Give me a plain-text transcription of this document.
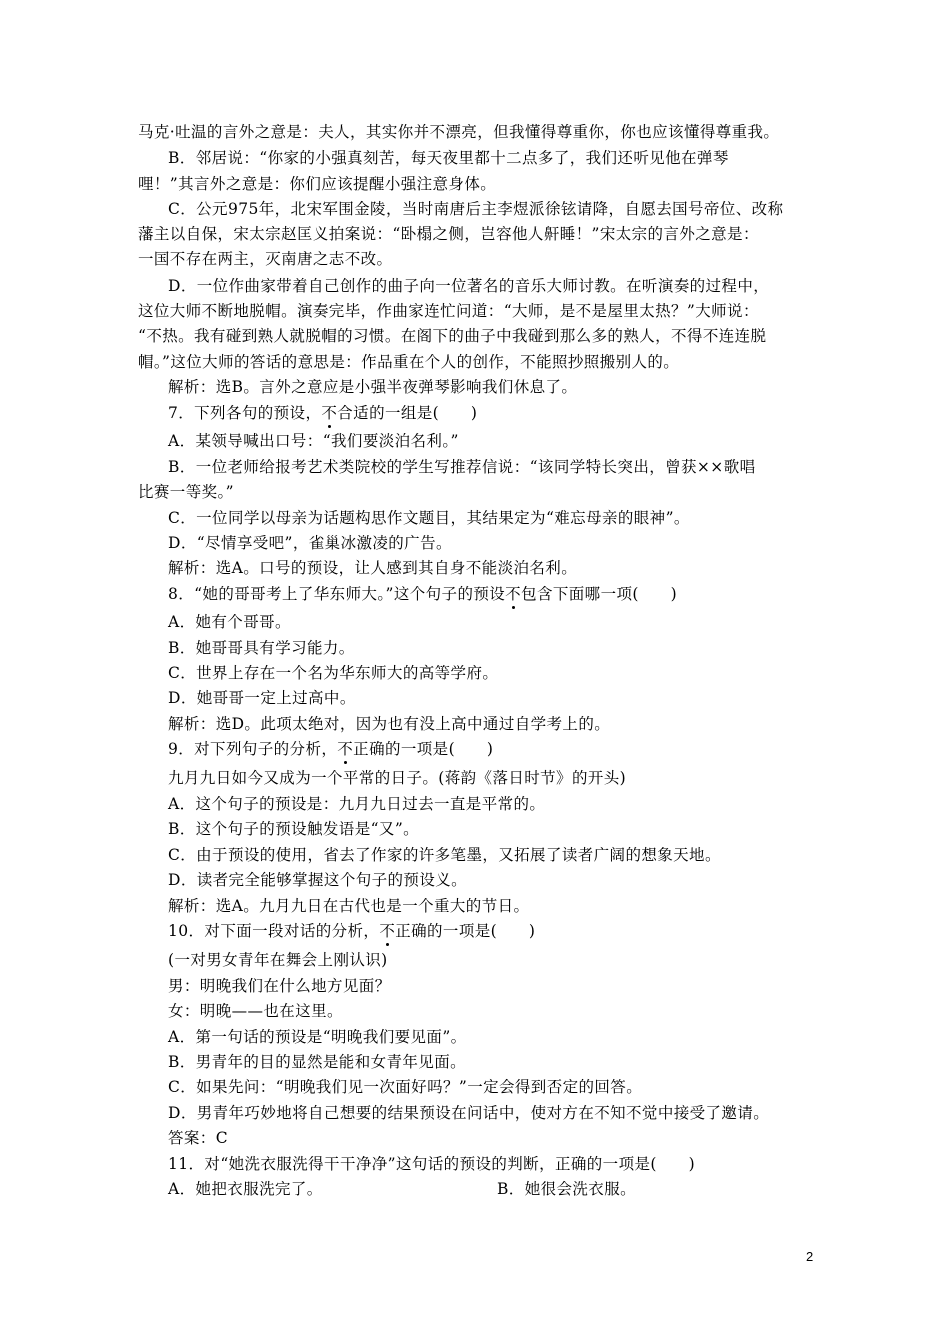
马克·吐温的言外之意是：夫人，其实你并不漂亮，但我懂得尊重你，你也应该懂得尊重我。
B．邻居说：“你家的小强真刻苦，每天夜里都十二点多了，我们还听见他在弹琴
哩！”其言外之意是：你们应该提醒小强注意身体。
C．公元975年，北宋军围金陵，当时南唐后主李煜派徐铉请降，自愿去国号帝位、改称
藩主以自保，宋太宗赵匡义拍案说：“卧榻之侧，岂容他人鼾睡！”宋太宗的言外之意是：
一国不存在两主，灭南唐之志不改。
D．一位作曲家带着自己创作的曲子向一位著名的音乐大师讨教。在听演奏的过程中，
这位大师不断地脱帽。演奏完毕，作曲家连忙问道：“大师，是不是屋里太热？”大师说：
“不热。我有碰到熟人就脱帽的习惯。在阁下的曲子中我碰到那么多的熟人，不得不连连脱
帽。”这位大师的答话的意思是：作品重在个人的创作，不能照抄照搬别人的。
解析：选B。言外之意应是小强半夜弹琴影响我们休息了。
7．下列各句的预设，不合适的一组是(　　)
A．某领导喊出口号：“我们要淡泊名利。”
B．一位老师给报考艺术类院校的学生写推荐信说：“该同学特长突出，曾获××歌唱
比赛一等奖。”
C．一位同学以母亲为话题构思作文题目，其结果定为“难忘母亲的眼神”。
D．“尽情享受吧”，雀巢冰激凌的广告。
解析：选A。口号的预设，让人感到其自身不能淡泊名利。
8．“她的哥哥考上了华东师大。”这个句子的预设不包含下面哪一项(　　)
A．她有个哥哥。
B．她哥哥具有学习能力。
C．世界上存在一个名为华东师大的高等学府。
D．她哥哥一定上过高中。
解析：选D。此项太绝对，因为也有没上高中通过自学考上的。
9．对下列句子的分析，不正确的一项是(　　)
九月九日如今又成为一个平常的日子。(蒋韵《落日时节》的开头)
A．这个句子的预设是：九月九日过去一直是平常的。
B．这个句子的预设触发语是“又”。
C．由于预设的使用，省去了作家的许多笔墨，又拓展了读者广阔的想象天地。
D．读者完全能够掌握这个句子的预设义。
解析：选A。九月九日在古代也是一个重大的节日。
10．对下面一段对话的分析，不正确的一项是(　　)
(一对男女青年在舞会上刚认识)
男：明晚我们在什么地方见面？
女：明晚——也在这里。
A．第一句话的预设是“明晚我们要见面”。
B．男青年的目的显然是能和女青年见面。
C．如果先问：“明晚我们见一次面好吗？”一定会得到否定的回答。
D．男青年巧妙地将自己想要的结果预设在问话中，使对方在不知不觉中接受了邀请。
答案：C
11．对“她洗衣服洗得干干净净”这句话的预设的判断，正确的一项是(　　)
A．她把衣服洗完了。	B．她很会洗衣服。
2
